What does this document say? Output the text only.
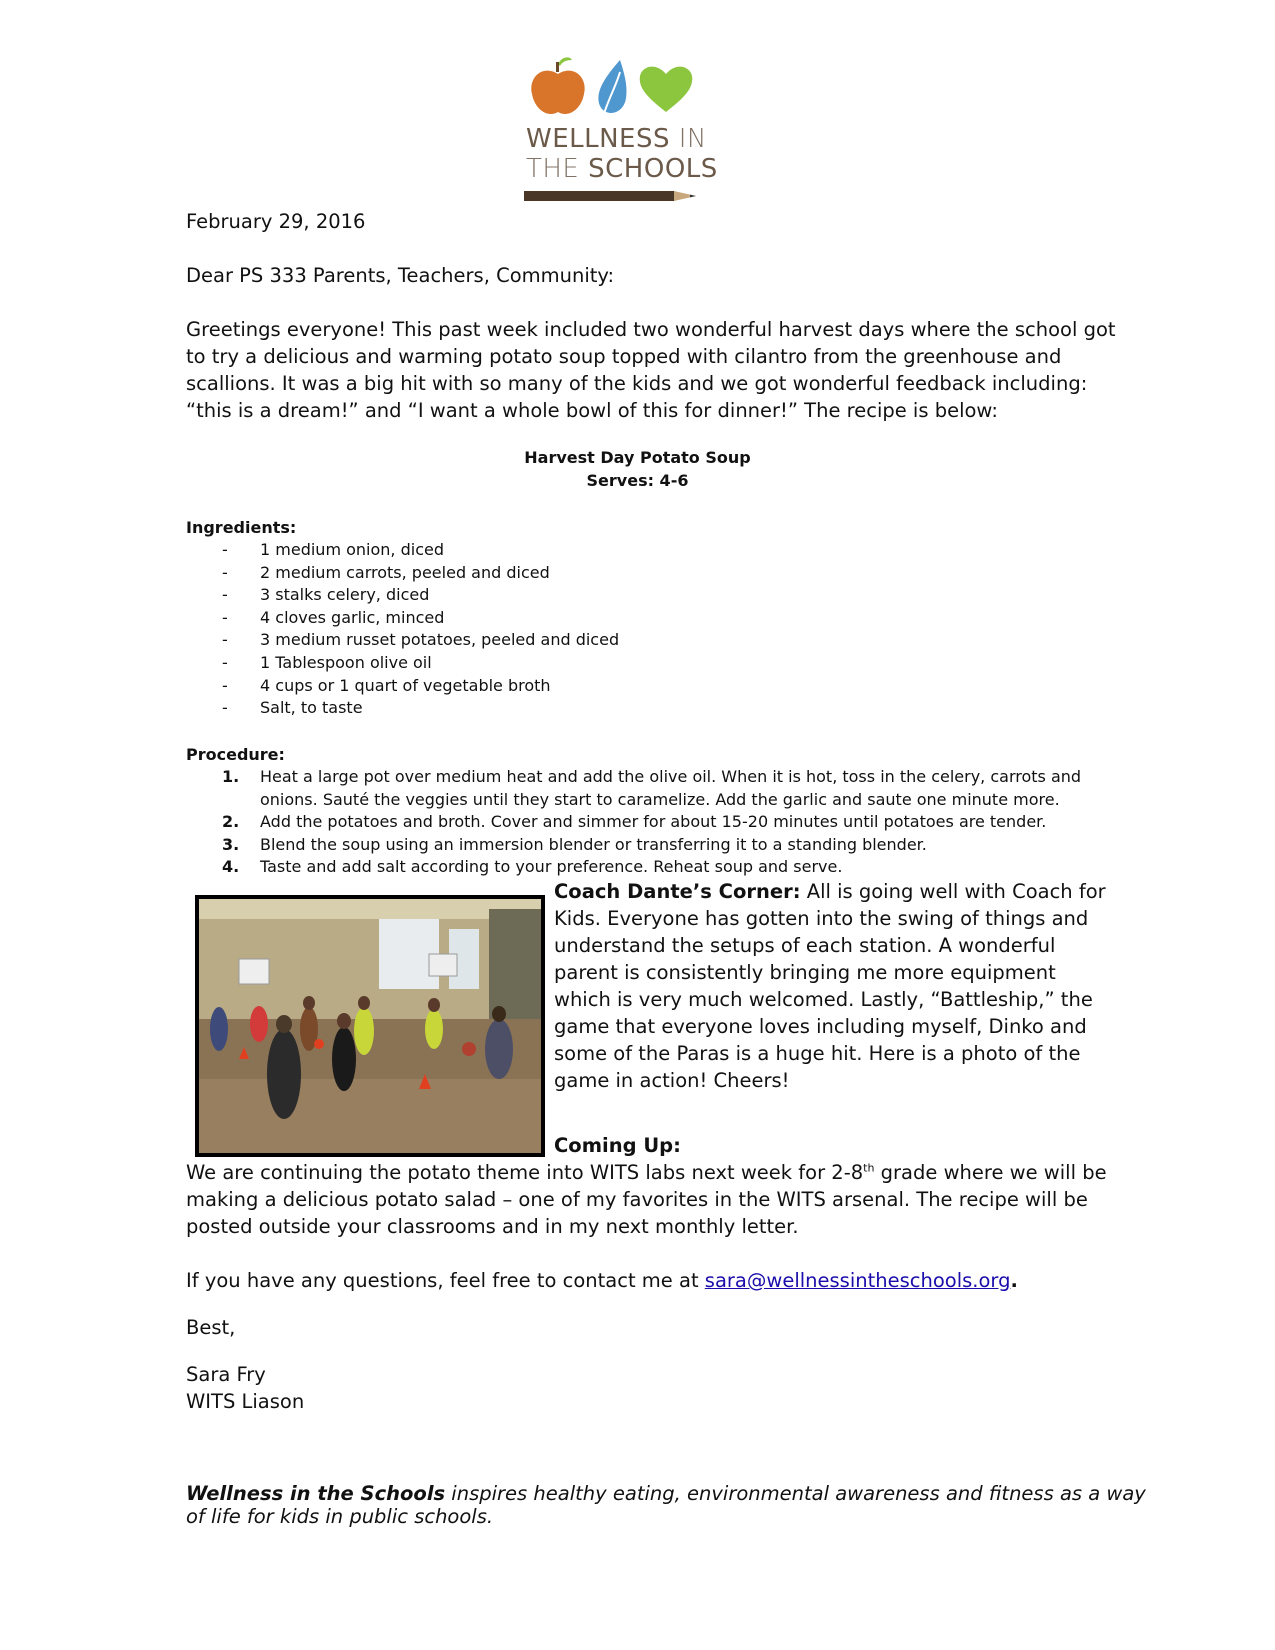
WELLNESS IN
THE SCHOOLS
February 29, 2016
Dear PS 333 Parents, Teachers, Community:
Greetings everyone! This past week included two wonderful harvest days where the school got
to try a delicious and warming potato soup topped with cilantro from the greenhouse and
scallions. It was a big hit with so many of the kids and we got wonderful feedback including:
“this is a dream!” and “I want a whole bowl of this for dinner!” The recipe is below:
Harvest Day Potato Soup
Serves: 4-6
Ingredients:
- 1 medium onion, diced
- 2 medium carrots, peeled and diced
- 3 stalks celery, diced
- 4 cloves garlic, minced
- 3 medium russet potatoes, peeled and diced
- 1 Tablespoon olive oil
- 4 cups or 1 quart of vegetable broth
- Salt, to taste
Procedure:
1. Heat a large pot over medium heat and add the olive oil. When it is hot, toss in the celery, carrots and
onions. Sauté the veggies until they start to caramelize. Add the garlic and saute one minute more.
2. Add the potatoes and broth. Cover and simmer for about 15-20 minutes until potatoes are tender.
3. Blend the soup using an immersion blender or transferring it to a standing blender.
4. Taste and add salt according to your preference. Reheat soup and serve.
Coach Dante’s Corner: All is going well with Coach for
Kids. Everyone has gotten into the swing of things and
understand the setups of each station. A wonderful
parent is consistently bringing me more equipment
which is very much welcomed. Lastly, “Battleship,” the
game that everyone loves including myself, Dinko and
some of the Paras is a huge hit. Here is a photo of the
game in action! Cheers!
Coming Up:
We are continuing the potato theme into WITS labs next week for 2-8th grade where we will be
making a delicious potato salad – one of my favorites in the WITS arsenal. The recipe will be
posted outside your classrooms and in my next monthly letter.
If you have any questions, feel free to contact me at sara@wellnessintheschools.org.
Best,
Sara Fry
WITS Liason
Wellness in the Schools inspires healthy eating, environmental awareness and fitness as a way
of life for kids in public schools.
